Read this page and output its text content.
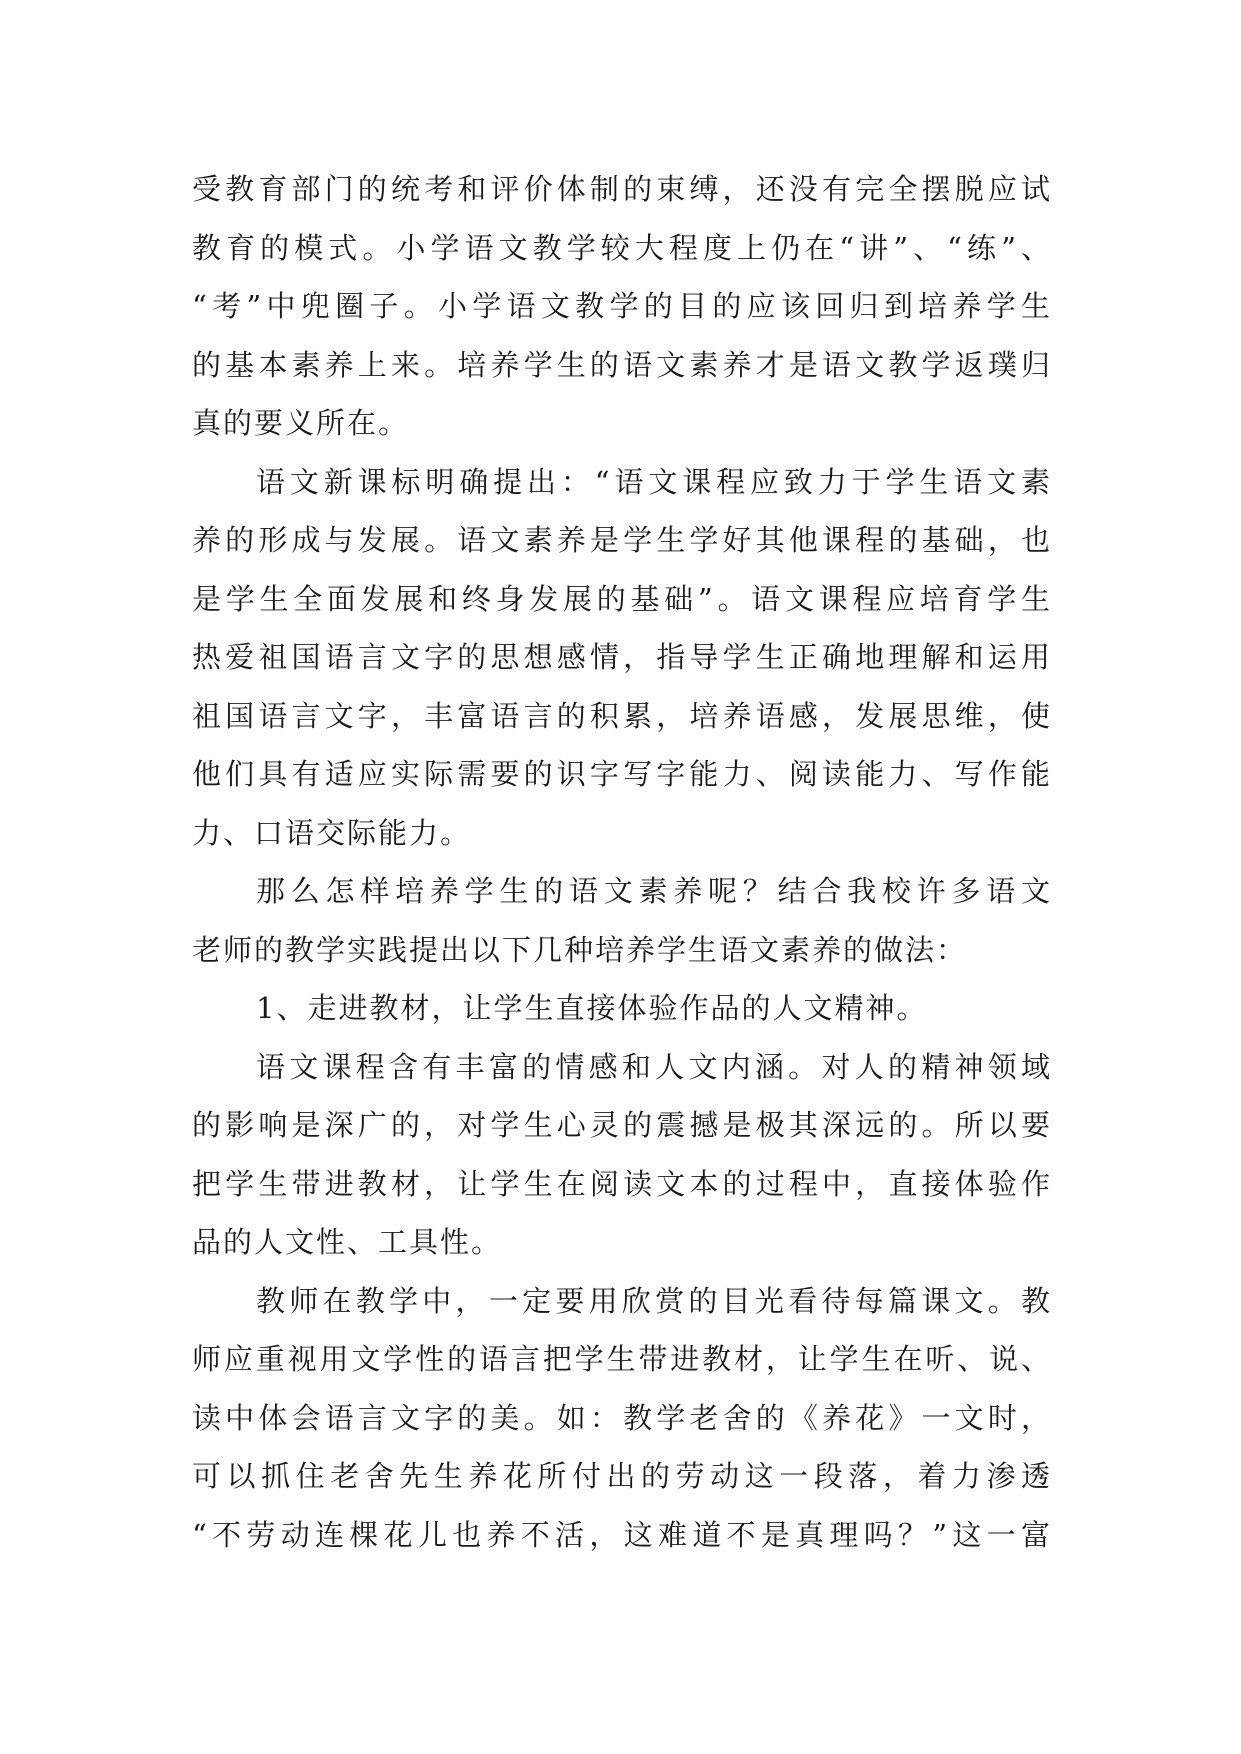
受教育部门的统考和评价体制的束缚，还没有完全摆脱应试
教育的模式。小学语文教学较大程度上仍在“讲”、“练”、
“考”中兜圈子。小学语文教学的目的应该回归到培养学生
的基本素养上来。培养学生的语文素养才是语文教学返璞归
真的要义所在。
语文新课标明确提出：“语文课程应致力于学生语文素
养的形成与发展。语文素养是学生学好其他课程的基础，也
是学生全面发展和终身发展的基础”。语文课程应培育学生
热爱祖国语言文字的思想感情，指导学生正确地理解和运用
祖国语言文字，丰富语言的积累，培养语感，发展思维，使
他们具有适应实际需要的识字写字能力、阅读能力、写作能
力、口语交际能力。
那么怎样培养学生的语文素养呢？结合我校许多语文
老师的教学实践提出以下几种培养学生语文素养的做法：
1、走进教材，让学生直接体验作品的人文精神。
语文课程含有丰富的情感和人文内涵。对人的精神领域
的影响是深广的，对学生心灵的震撼是极其深远的。所以要
把学生带进教材，让学生在阅读文本的过程中，直接体验作
品的人文性、工具性。
教师在教学中，一定要用欣赏的目光看待每篇课文。教
师应重视用文学性的语言把学生带进教材，让学生在听、说、
读中体会语言文字的美。如：教学老舍的《养花》一文时，
可以抓住老舍先生养花所付出的劳动这一段落，着力渗透
“不劳动连棵花儿也养不活，这难道不是真理吗？”这一富
